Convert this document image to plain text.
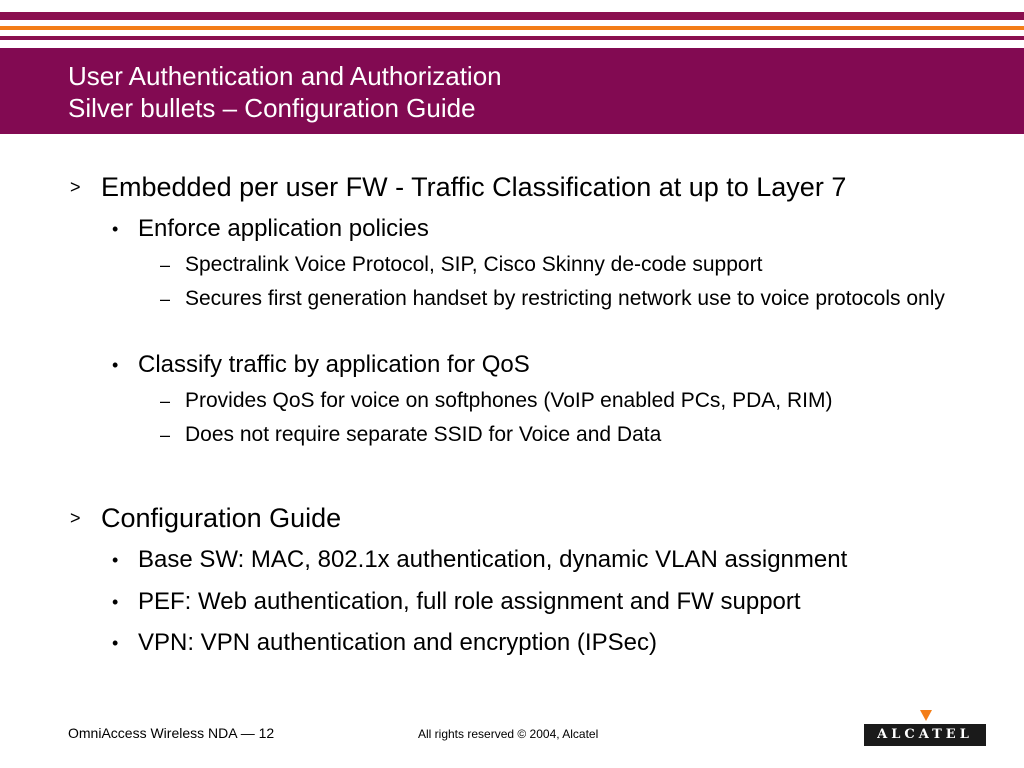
User Authentication and Authorization
Silver bullets – Configuration Guide
> Embedded per user FW - Traffic Classification at up to Layer 7
• Enforce application policies
– Spectralink Voice Protocol, SIP, Cisco Skinny de-code support
– Secures first generation handset by restricting network use to voice protocols only
• Classify traffic by application for QoS
– Provides QoS for voice on softphones (VoIP enabled PCs, PDA, RIM)
– Does not require separate SSID for Voice and Data
> Configuration Guide
• Base SW: MAC, 802.1x authentication, dynamic VLAN assignment
• PEF: Web authentication, full role assignment and FW support
• VPN: VPN authentication and encryption (IPSec)
OmniAccess Wireless NDA — 12	All rights reserved © 2004, Alcatel	ALCATEL
